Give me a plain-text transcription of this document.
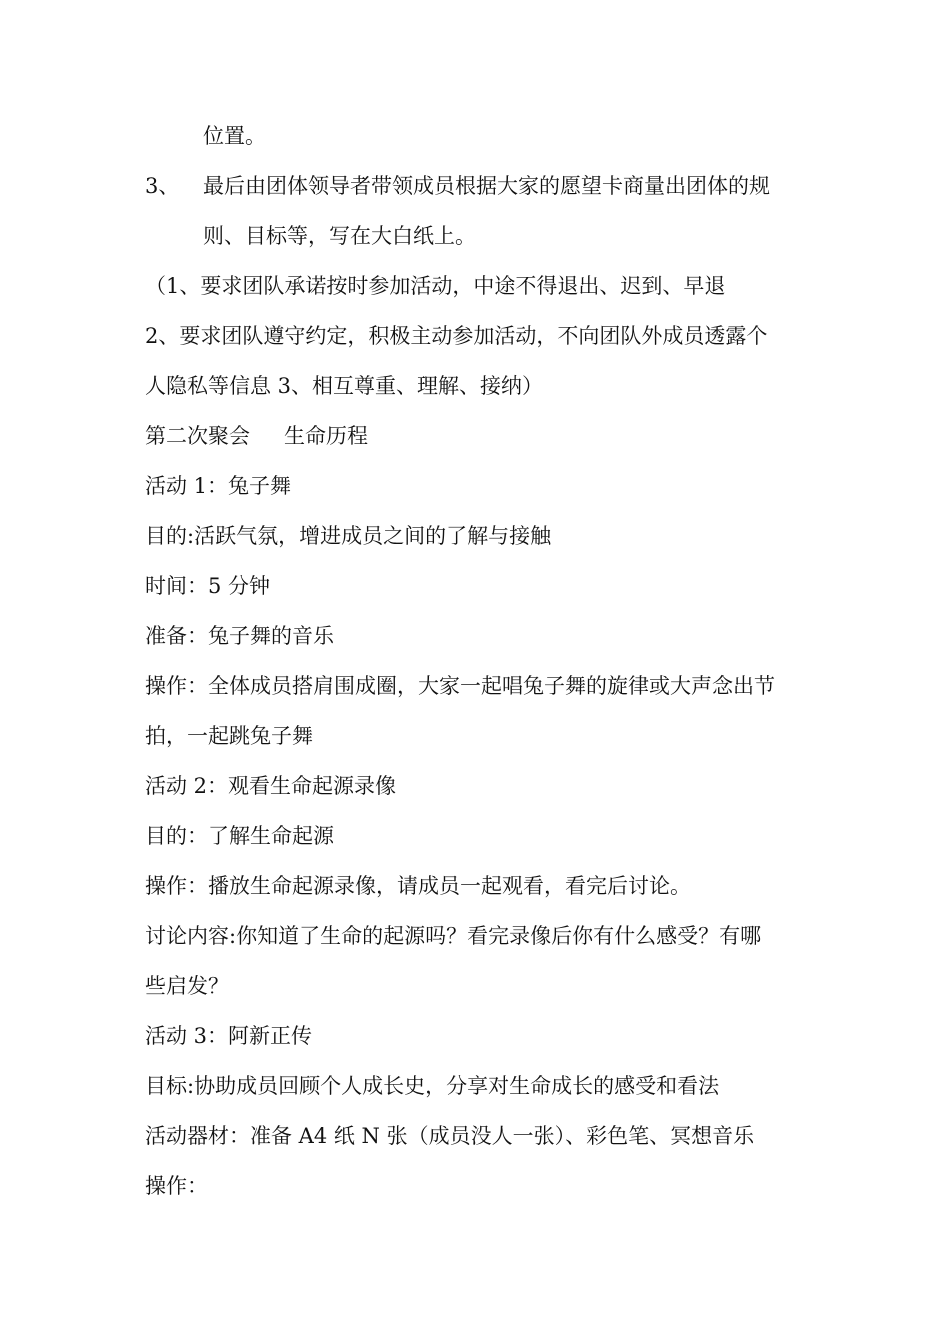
位置。
3、 最后由团体领导者带领成员根据大家的愿望卡商量出团体的规
则、目标等，写在大白纸上。
（1、要求团队承诺按时参加活动，中途不得退出、迟到、早退
2、要求团队遵守约定，积极主动参加活动，不向团队外成员透露个
人隐私等信息 3、相互尊重、理解、接纳）
第二次聚会 生命历程
活动 1：兔子舞
目的:活跃气氛，增进成员之间的了解与接触
时间：5 分钟
准备：兔子舞的音乐
操作：全体成员搭肩围成圈，大家一起唱兔子舞的旋律或大声念出节
拍，一起跳兔子舞
活动 2：观看生命起源录像
目的：了解生命起源
操作：播放生命起源录像，请成员一起观看，看完后讨论。
讨论内容:你知道了生命的起源吗？看完录像后你有什么感受？有哪
些启发？
活动 3：阿新正传
目标:协助成员回顾个人成长史，分享对生命成长的感受和看法
活动器材：准备 A4 纸 N 张（成员没人一张）、彩色笔、冥想音乐
操作：
